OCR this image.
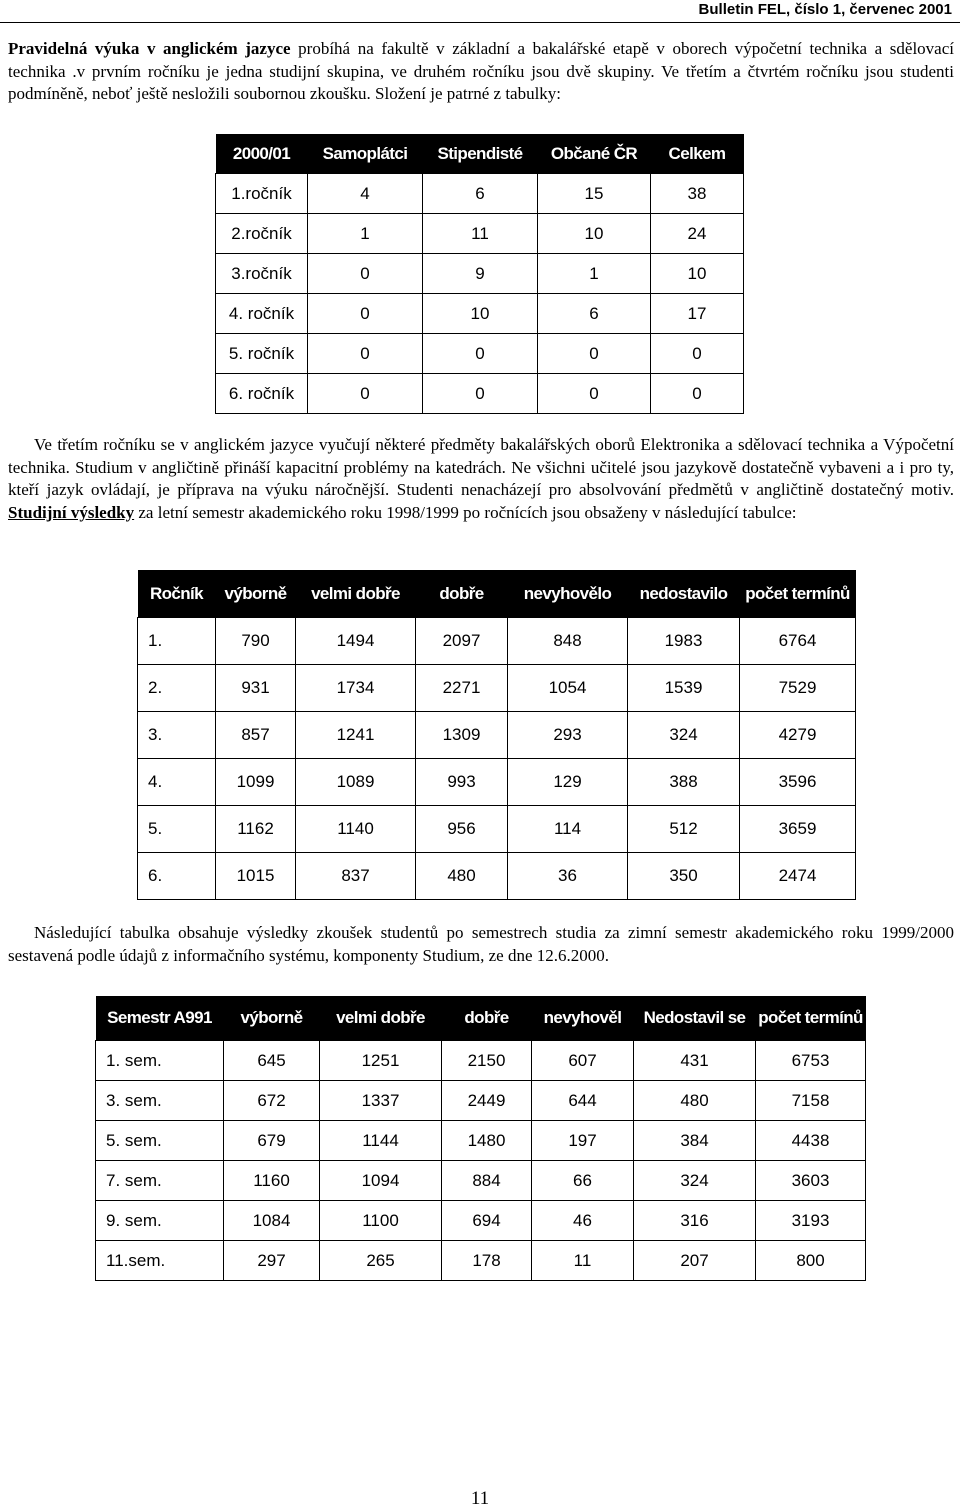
Bulletin FEL, číslo 1, červenec 2001
Pravidelná výuka v anglickém jazyce probíhá na fakultě v základní a bakalářské etapě v oborech výpočetní technika a sdělovací technika .v prvním ročníku je jedna studijní skupina, ve druhém ročníku jsou dvě skupiny. Ve třetím a čtvrtém ročníku jsou studenti podmíněně, neboť ještě nesložili soubornou zkoušku. Složení je patrné z tabulky:
2000/01	Samoplátci	Stipendisté	Občané ČR	Celkem
1.ročník	4	6	15	38
2.ročník	1	11	10	24
3.ročník	0	9	1	10
4. ročník	0	10	6	17
5. ročník	0	0	0	0
6. ročník	0	0	0	0
Ve třetím ročníku se v anglickém jazyce vyučují některé předměty bakalářských oborů Elektronika a sdělovací technika a Výpočetní technika. Studium v angličtině přináší kapacitní problémy na katedrách. Ne všichni učitelé jsou jazykově dostatečně vybaveni a i pro ty, kteří jazyk ovládají, je příprava na výuku náročnější. Studenti nenacházejí pro absolvování předmětů v angličtině dostatečný motiv. Studijní výsledky za letní semestr akademického roku 1998/1999 po ročnících jsou obsaženy v následující tabulce:
Ročník	výborně	velmi dobře	dobře	nevyhovělo	nedostavilo	počet termínů
1.	790	1494	2097	848	1983	6764
2.	931	1734	2271	1054	1539	7529
3.	857	1241	1309	293	324	4279
4.	1099	1089	993	129	388	3596
5.	1162	1140	956	114	512	3659
6.	1015	837	480	36	350	2474
Následující tabulka obsahuje výsledky zkoušek studentů po semestrech studia za zimní semestr akademického roku 1999/2000 sestavená podle údajů z informačního systému, komponenty Studium, ze dne 12.6.2000.
Semestr A991	výborně	velmi dobře	dobře	nevyhověl	Nedostavil se	počet termínů
1. sem.	645	1251	2150	607	431	6753
3. sem.	672	1337	2449	644	480	7158
5. sem.	679	1144	1480	197	384	4438
7. sem.	1160	1094	884	66	324	3603
9. sem.	1084	1100	694	46	316	3193
11.sem.	297	265	178	11	207	800
11
